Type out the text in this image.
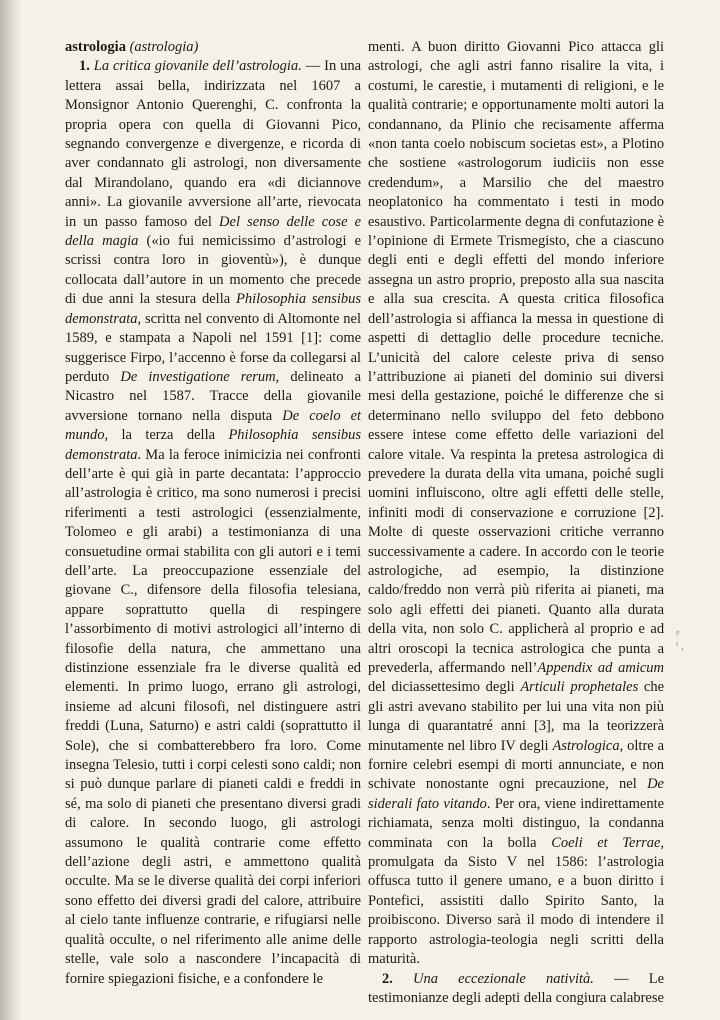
astrologia (astrologia)

1. La critica giovanile dell’astrologia. — In una lettera assai bella, indirizzata nel 1607 a Monsignor Antonio Querenghi, C. confronta la propria opera con quella di Giovanni Pico, segnando convergenze e divergenze, e ricorda di aver condannato gli astrologi, non diversamente dal Mirandolano, quando era «di diciannove anni». La giovanile avversione all’arte, rievocata in un passo famoso del Del senso delle cose e della magia («io fui nemicissimo d’astrologi e scrissi contra loro in gioventù»), è dunque collocata dall’autore in un momento che precede di due anni la stesura della Philosophia sensibus demonstrata, scritta nel convento di Altomonte nel 1589, e stampata a Napoli nel 1591 [1]: come suggerisce Firpo, l’accenno è forse da collegarsi al perduto De investigatione rerum, delineato a Nicastro nel 1587. Tracce della giovanile avversione tornano nella disputa De coelo et mundo, la terza della Philosophia sensibus demonstrata. Ma la feroce inimicizia nei confronti dell’arte è qui già in parte decantata: l’approccio all’astrologia è critico, ma sono numerosi i precisi riferimenti a testi astrologici (essenzialmente, Tolomeo e gli arabi) a testimonianza di una consuetudine ormai stabilita con gli autori e i temi dell’arte. La preoccupazione essenziale del giovane C., difensore della filosofia telesiana, appare soprattutto quella di respingere l’assorbimento di motivi astrologici all’interno di filosofie della natura, che ammettano una distinzione essenziale fra le diverse qualità ed elementi. In primo luogo, errano gli astrologi, insieme ad alcuni filosofi, nel distinguere astri freddi (Luna, Saturno) e astri caldi (soprattutto il Sole), che si combatterebbero fra loro. Come insegna Telesio, tutti i corpi celesti sono caldi; non si può dunque parlare di pianeti caldi e freddi in sé, ma solo di pianeti che presentano diversi gradi di calore. In secondo luogo, gli astrologi assumono le qualità contrarie come effetto dell’azione degli astri, e ammettono qualità occulte. Ma se le diverse qualità dei corpi inferiori sono effetto dei diversi gradi del calore, attribuire al cielo tante influenze contrarie, e rifugiarsi nelle qualità occulte, o nel riferimento alle anime delle stelle, vale solo a nascondere l’incapacità di fornire spiegazioni fisiche, e a confondere le

menti. A buon diritto Giovanni Pico attacca gli astrologi, che agli astri fanno risalire la vita, i costumi, le carestie, i mutamenti di religioni, e le qualità contrarie; e opportunamente molti autori la condannano, da Plinio che recisamente afferma «non tanta coelo nobiscum societas est», a Plotino che sostiene «astrologorum iudiciis non esse credendum», a Marsilio che del maestro neoplatonico ha commentato i testi in modo esaustivo. Particolarmente degna di confutazione è l’opinione di Ermete Trismegisto, che a ciascuno degli enti e degli effetti del mondo inferiore assegna un astro proprio, preposto alla sua nascita e alla sua crescita. A questa critica filosofica dell’astrologia si affianca la messa in questione di aspetti di dettaglio delle procedure tecniche. L’unicità del calore celeste priva di senso l’attribuzione ai pianeti del dominio sui diversi mesi della gestazione, poiché le differenze che si determinano nello sviluppo del feto debbono essere intese come effetto delle variazioni del calore vitale. Va respinta la pretesa astrologica di prevedere la durata della vita umana, poiché sugli uomini influiscono, oltre agli effetti delle stelle, infiniti modi di conservazione e corruzione [2]. Molte di queste osservazioni critiche verranno successivamente a cadere. In accordo con le teorie astrologiche, ad esempio, la distinzione caldo/freddo non verrà più riferita ai pianeti, ma solo agli effetti dei pianeti. Quanto alla durata della vita, non solo C. applicherà al proprio e ad altri oroscopi la tecnica astrologica che punta a prevederla, affermando nell’Appendix ad amicum del diciassettesimo degli Articuli prophetales che gli astri avevano stabilito per lui una vita non più lunga di quarantatré anni [3], ma la teorizzerà minutamente nel libro IV degli Astrologica, oltre a fornire celebri esempi di morti annunciate, e non schivate nonostante ogni precauzione, nel De siderali fato vitando. Per ora, viene indirettamente richiamata, senza molti distinguo, la condanna comminata con la bolla Coeli et Terrae, promulgata da Sisto V nel 1586: l’astrologia offusca tutto il genere umano, e a buon diritto i Pontefici, assistiti dallo Spirito Santo, la proibiscono. Diverso sarà il modo di intendere il rapporto astrologia-teologia negli scritti della maturità.

2. Una eccezionale natività. — Le testimonianze degli adepti della congiura calabrese

ᵖ
ᶠ ,
